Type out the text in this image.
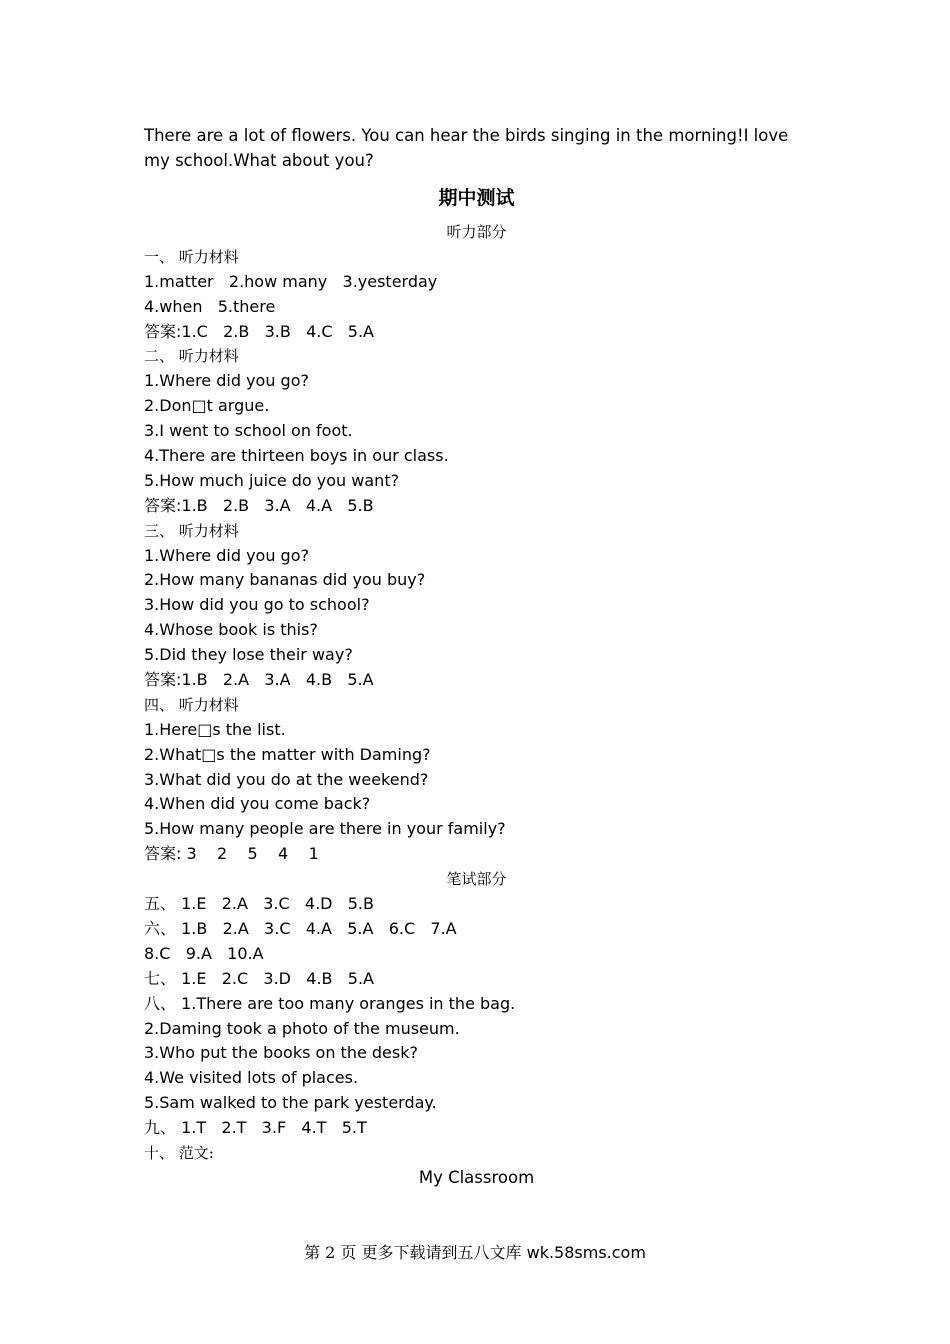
There are a lot of flowers. You can hear the birds singing in the morning!I love my school.What about you?

期中测试
听力部分
一、 听力材料
1.matter   2.how many   3.yesterday
4.when   5.there
答案:1.C   2.B   3.B   4.C   5.A
二、 听力材料
1.Where did you go?
2.Don□t argue.
3.I went to school on foot.
4.There are thirteen boys in our class.
5.How much juice do you want?
答案:1.B   2.B   3.A   4.A   5.B
三、 听力材料
1.Where did you go?
2.How many bananas did you buy?
3.How did you go to school?
4.Whose book is this?
5.Did they lose their way?
答案:1.B   2.A   3.A   4.B   5.A
四、 听力材料
1.Here□s the list.
2.What□s the matter with Daming?
3.What did you do at the weekend?
4.When did you come back?
5.How many people are there in your family?
答案: 3    2    5    4    1
笔试部分
五、 1.E   2.A   3.C   4.D   5.B
六、 1.B   2.A   3.C   4.A   5.A   6.C   7.A
8.C   9.A   10.A
七、 1.E   2.C   3.D   4.B   5.A
八、 1.There are too many oranges in the bag.
2.Daming took a photo of the museum.
3.Who put the books on the desk?
4.We visited lots of places.
5.Sam walked to the park yesterday.
九、 1.T   2.T   3.F   4.T   5.T
十、 范文:
My Classroom
第 2 页 更多下载请到五八文库 wk.58sms.com
